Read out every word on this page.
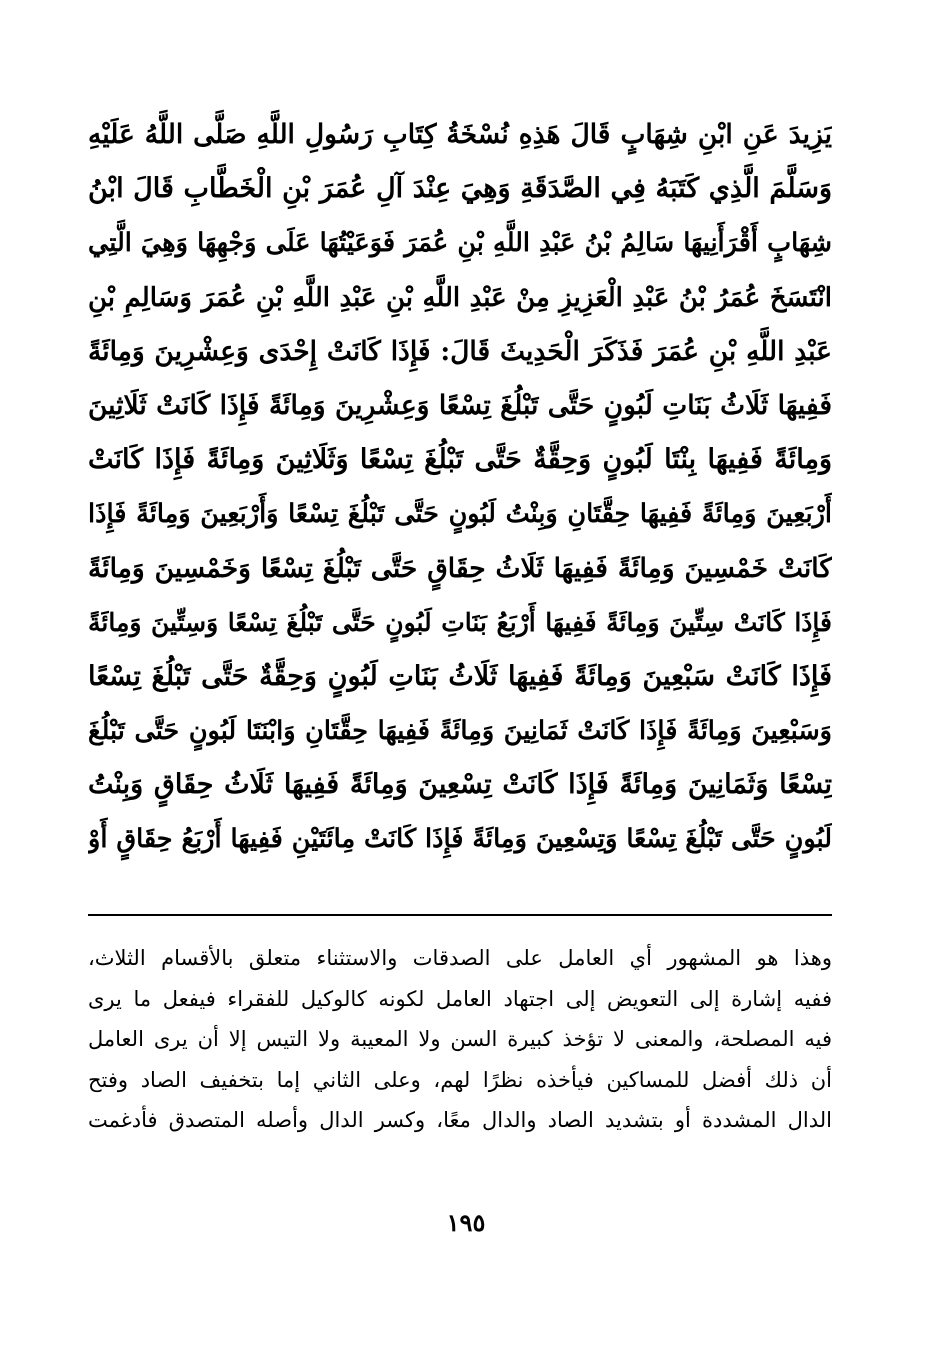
يَزِيدَ عَنِ ابْنِ شِهَابٍ قَالَ هَذِهِ نُسْخَةُ كِتَابِ رَسُولِ اللَّهِ صَلَّى اللَّهُ عَلَيْهِ
وَسَلَّمَ الَّذِي كَتَبَهُ فِي الصَّدَقَةِ وَهِيَ عِنْدَ آلِ عُمَرَ بْنِ الْخَطَّابِ قَالَ ابْنُ
شِهَابٍ أَقْرَأَنِيهَا سَالِمُ بْنُ عَبْدِ اللَّهِ بْنِ عُمَرَ فَوَعَيْتُهَا عَلَى وَجْهِهَا وَهِيَ الَّتِي
انْتَسَخَ عُمَرُ بْنُ عَبْدِ الْعَزِيزِ مِنْ عَبْدِ اللَّهِ بْنِ عَبْدِ اللَّهِ بْنِ عُمَرَ وَسَالِمِ بْنِ
عَبْدِ اللَّهِ بْنِ عُمَرَ فَذَكَرَ الْحَدِيثَ قَالَ: فَإِذَا كَانَتْ إِحْدَى وَعِشْرِينَ وَمِائَةً
فَفِيهَا ثَلَاثُ بَنَاتِ لَبُونٍ حَتَّى تَبْلُغَ تِسْعًا وَعِشْرِينَ وَمِائَةً فَإِذَا كَانَتْ ثَلَاثِينَ
وَمِائَةً فَفِيهَا بِنْتَا لَبُونٍ وَحِقَّةٌ حَتَّى تَبْلُغَ تِسْعًا وَثَلَاثِينَ وَمِائَةً فَإِذَا كَانَتْ
أَرْبَعِينَ وَمِائَةً فَفِيهَا حِقَّتَانِ وَبِنْتُ لَبُونٍ حَتَّى تَبْلُغَ تِسْعًا وَأَرْبَعِينَ وَمِائَةً فَإِذَا
كَانَتْ خَمْسِينَ وَمِائَةً فَفِيهَا ثَلَاثُ حِقَاقٍ حَتَّى تَبْلُغَ تِسْعًا وَخَمْسِينَ وَمِائَةً
فَإِذَا كَانَتْ سِتِّينَ وَمِائَةً فَفِيهَا أَرْبَعُ بَنَاتِ لَبُونٍ حَتَّى تَبْلُغَ تِسْعًا وَسِتِّينَ وَمِائَةً
فَإِذَا كَانَتْ سَبْعِينَ وَمِائَةً فَفِيهَا ثَلَاثُ بَنَاتِ لَبُونٍ وَحِقَّةٌ حَتَّى تَبْلُغَ تِسْعًا
وَسَبْعِينَ وَمِائَةً فَإِذَا كَانَتْ ثَمَانِينَ وَمِائَةً فَفِيهَا حِقَّتَانِ وَابْنَتَا لَبُونٍ حَتَّى تَبْلُغَ
تِسْعًا وَثَمَانِينَ وَمِائَةً فَإِذَا كَانَتْ تِسْعِينَ وَمِائَةً فَفِيهَا ثَلَاثُ حِقَاقٍ وَبِنْتُ
لَبُونٍ حَتَّى تَبْلُغَ تِسْعًا وَتِسْعِينَ وَمِائَةً فَإِذَا كَانَتْ مِائَتَيْنِ فَفِيهَا أَرْبَعُ حِقَاقٍ أَوْ
وهذا هو المشهور أي العامل على الصدقات والاستثناء متعلق بالأقسام الثلاث،
ففيه إشارة إلى التعويض إلى اجتهاد العامل لكونه كالوكيل للفقراء فيفعل ما يرى
فيه المصلحة، والمعنى لا تؤخذ كبيرة السن ولا المعيبة ولا التيس إلا أن يرى العامل
أن ذلك أفضل للمساكين فيأخذه نظرًا لهم، وعلى الثاني إما بتخفيف الصاد وفتح
الدال المشددة أو بتشديد الصاد والدال معًا، وكسر الدال وأصله المتصدق فأدغمت
١٩٥
